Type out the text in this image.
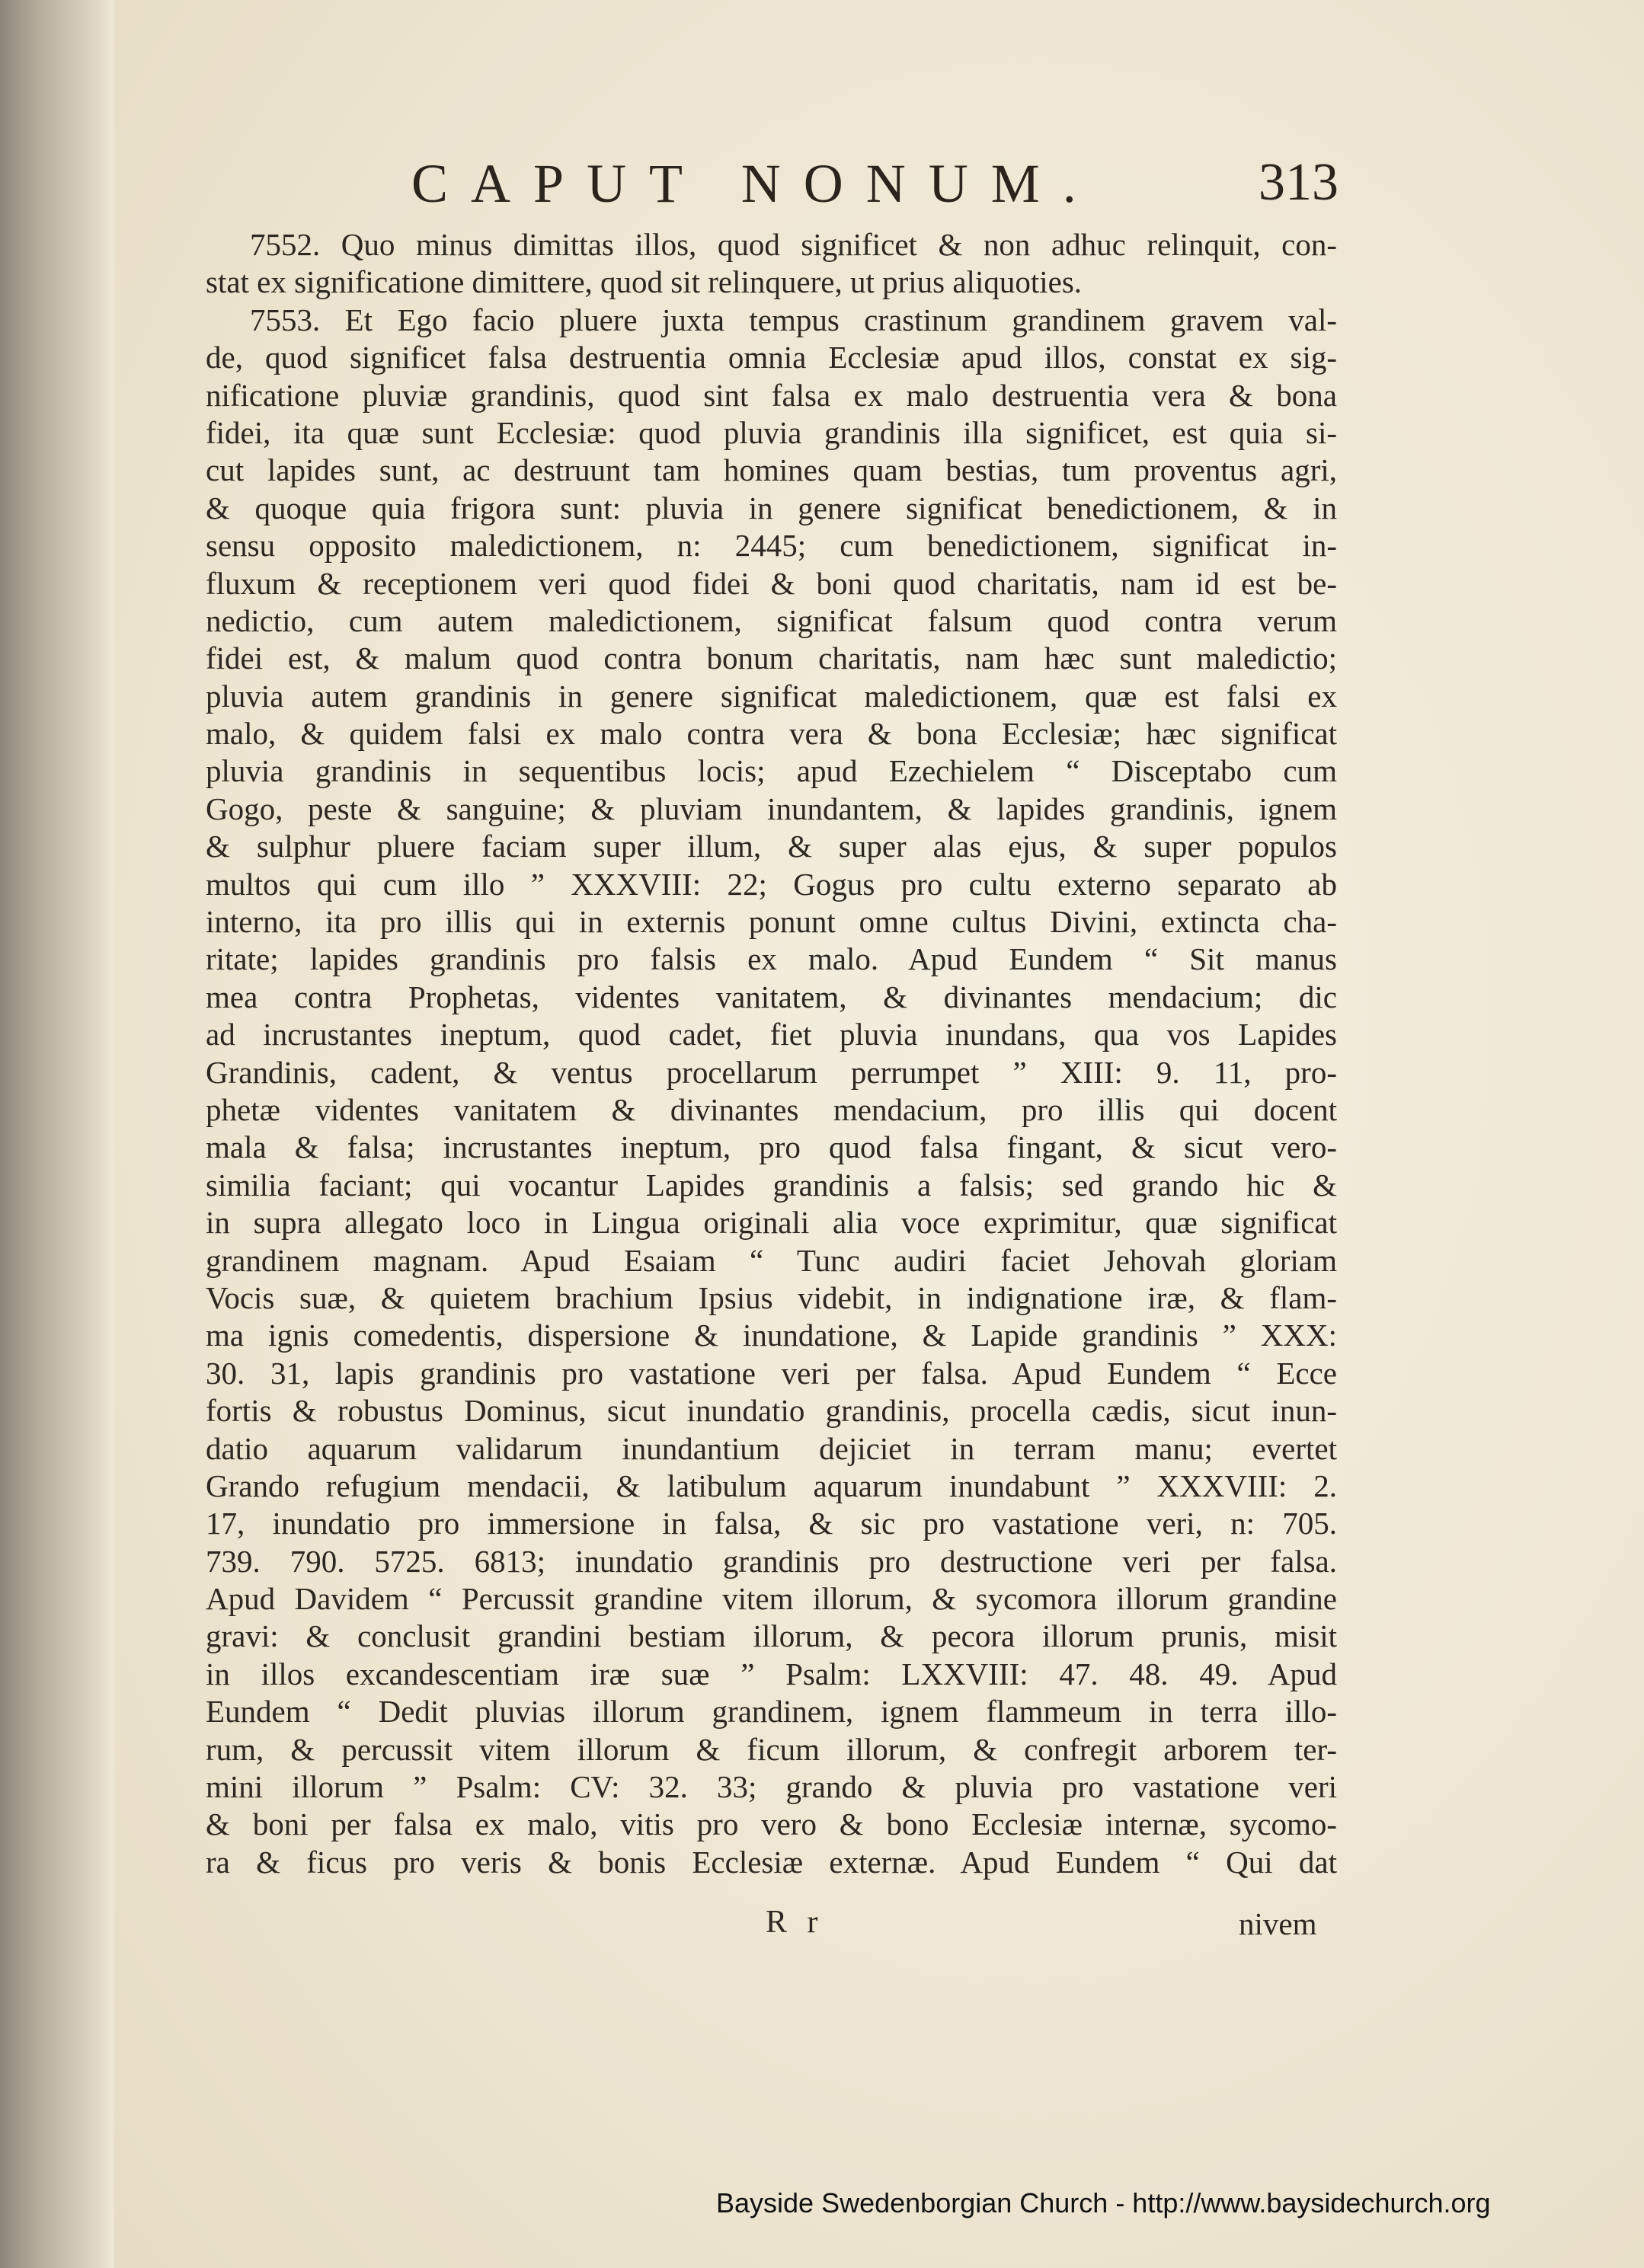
CAPUT NONUM.	313
7552. Quo minus dimittas illos, quod significet & non adhuc relinquit, con-
stat ex significatione dimittere, quod sit relinquere, ut prius aliquoties.
7553. Et Ego facio pluere juxta tempus crastinum grandinem gravem val-
de, quod significet falsa destruentia omnia Ecclesiæ apud illos, constat ex sig-
nificatione pluviæ grandinis, quod sint falsa ex malo destruentia vera & bona
fidei, ita quæ sunt Ecclesiæ: quod pluvia grandinis illa significet, est quia si-
cut lapides sunt, ac destruunt tam homines quam bestias, tum proventus agri,
& quoque quia frigora sunt: pluvia in genere significat benedictionem, & in
sensu opposito maledictionem, n: 2445; cum benedictionem, significat in-
fluxum & receptionem veri quod fidei & boni quod charitatis, nam id est be-
nedictio, cum autem maledictionem, significat falsum quod contra verum
fidei est, & malum quod contra bonum charitatis, nam hæc sunt maledictio;
pluvia autem grandinis in genere significat maledictionem, quæ est falsi ex
malo, & quidem falsi ex malo contra vera & bona Ecclesiæ; hæc significat
pluvia grandinis in sequentibus locis; apud Ezechielem “ Disceptabo cum
Gogo, peste & sanguine; & pluviam inundantem, & lapides grandinis, ignem
& sulphur pluere faciam super illum, & super alas ejus, & super populos
multos qui cum illo ” XXXVIII: 22; Gogus pro cultu externo separato ab
interno, ita pro illis qui in externis ponunt omne cultus Divini, extincta cha-
ritate; lapides grandinis pro falsis ex malo. Apud Eundem “ Sit manus
mea contra Prophetas, videntes vanitatem, & divinantes mendacium; dic
ad incrustantes ineptum, quod cadet, fiet pluvia inundans, qua vos Lapides
Grandinis, cadent, & ventus procellarum perrumpet ” XIII: 9. 11, pro-
phetæ videntes vanitatem & divinantes mendacium, pro illis qui docent
mala & falsa; incrustantes ineptum, pro quod falsa fingant, & sicut vero-
similia faciant; qui vocantur Lapides grandinis a falsis; sed grando hic &
in supra allegato loco in Lingua originali alia voce exprimitur, quæ significat
grandinem magnam. Apud Esaiam “ Tunc audiri faciet Jehovah gloriam
Vocis suæ, & quietem brachium Ipsius videbit, in indignatione iræ, & flam-
ma ignis comedentis, dispersione & inundatione, & Lapide grandinis ” XXX:
30. 31, lapis grandinis pro vastatione veri per falsa. Apud Eundem “ Ecce
fortis & robustus Dominus, sicut inundatio grandinis, procella cædis, sicut inun-
datio aquarum validarum inundantium dejiciet in terram manu; evertet
Grando refugium mendacii, & latibulum aquarum inundabunt ” XXXVIII: 2.
17, inundatio pro immersione in falsa, & sic pro vastatione veri, n: 705.
739. 790. 5725. 6813; inundatio grandinis pro destructione veri per falsa.
Apud Davidem “ Percussit grandine vitem illorum, & sycomora illorum grandine
gravi: & conclusit grandini bestiam illorum, & pecora illorum prunis, misit
in illos excandescentiam iræ suæ ” Psalm: LXXVIII: 47. 48. 49. Apud
Eundem “ Dedit pluvias illorum grandinem, ignem flammeum in terra illo-
rum, & percussit vitem illorum & ficum illorum, & confregit arborem ter-
mini illorum ” Psalm: CV: 32. 33; grando & pluvia pro vastatione veri
& boni per falsa ex malo, vitis pro vero & bono Ecclesiæ internæ, sycomo-
ra & ficus pro veris & bonis Ecclesiæ externæ. Apud Eundem “ Qui dat
R r	nivem
Bayside Swedenborgian Church - http://www.baysidechurch.org
